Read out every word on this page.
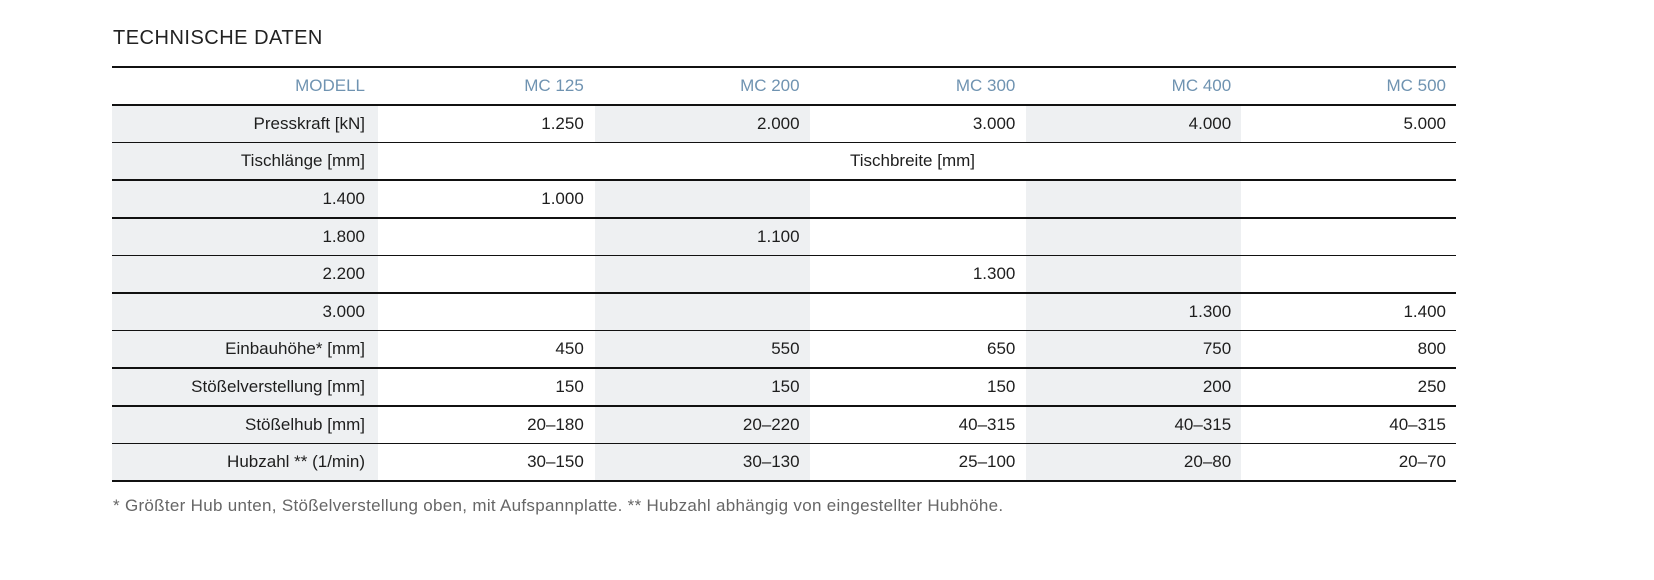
TECHNISCHE DATEN
MODELL	MC 125	MC 200	MC 300	MC 400	MC 500
Presskraft [kN]	1.250	2.000	3.000	4.000	5.000
Tischlänge [mm]	Tischbreite [mm]				
1.400	1.000				
1.800		1.100			
2.200			1.300		
3.000				1.300	1.400
Einbauhöhe* [mm]	450	550	650	750	800
Stößelverstellung [mm]	150	150	150	200	250
Stößelhub [mm]	20–180	20–220	40–315	40–315	40–315
Hubzahl ** (1/min)	30–150	30–130	25–100	20–80	20–70
* Größter Hub unten, Stößelverstellung oben, mit Aufspannplatte. ** Hubzahl abhängig von eingestellter Hubhöhe.
